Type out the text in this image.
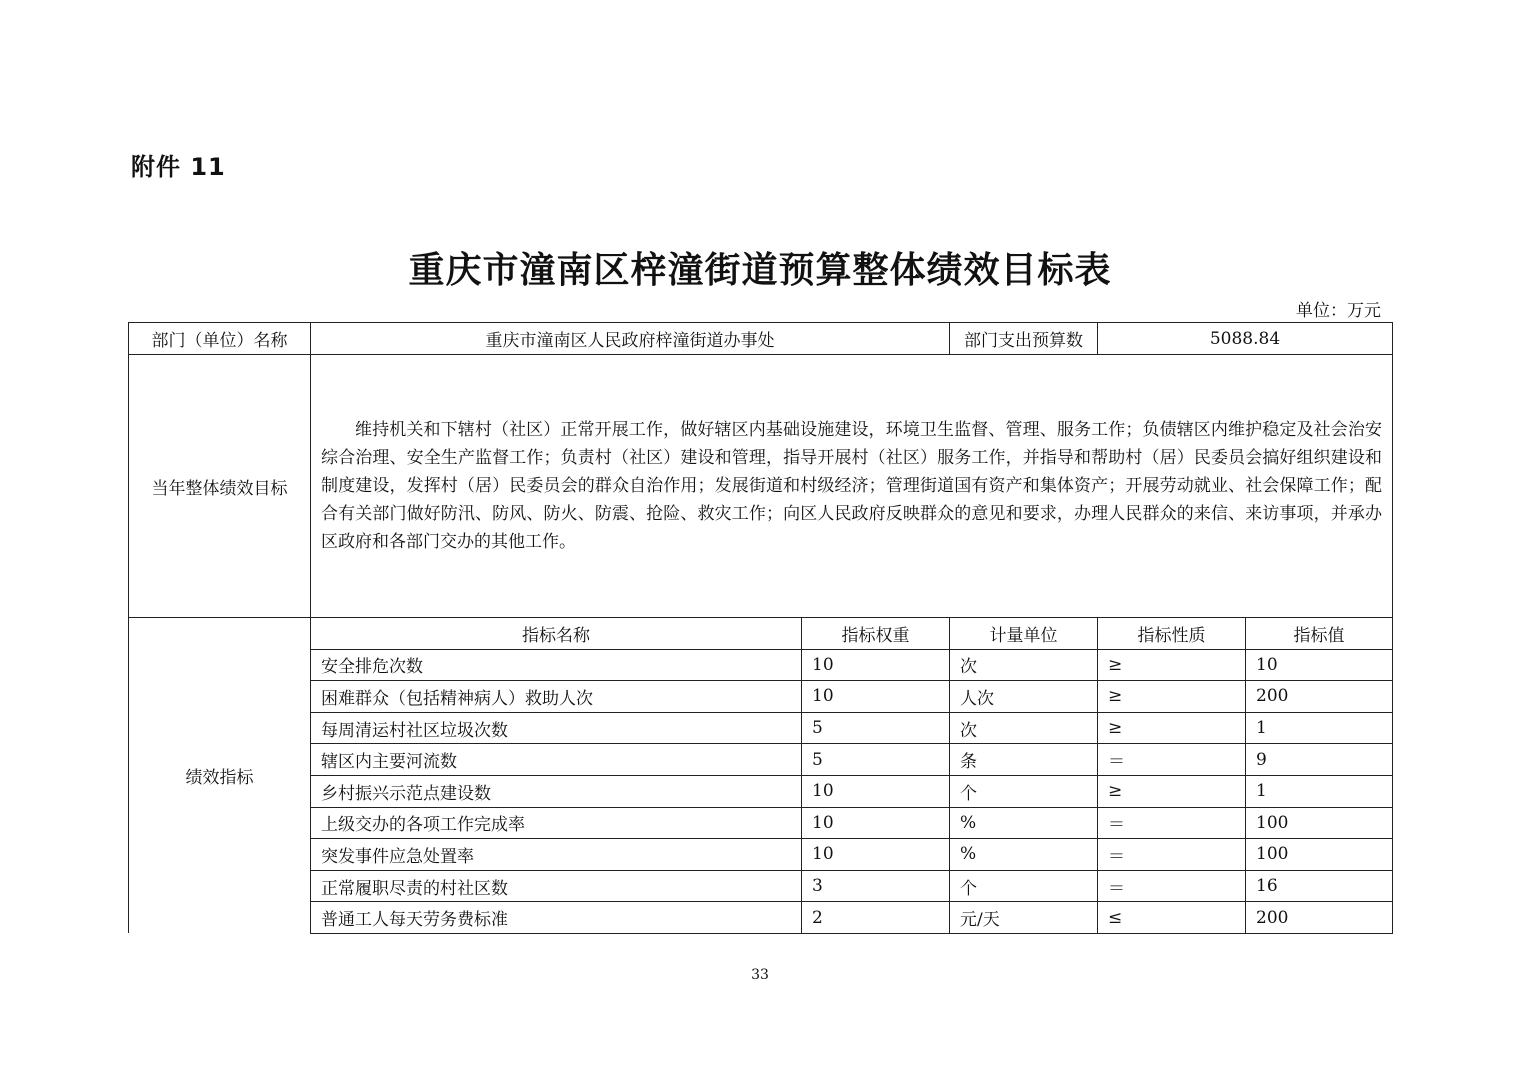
附件 11
重庆市潼南区梓潼街道预算整体绩效目标表
单位：万元
部门（单位）名称	重庆市潼南区人民政府梓潼街道办事处		部门支出预算数	5088.84	
当年整体绩效目标	维持机关和下辖村（社区）正常开展工作，做好辖区内基础设施建设，环境卫生监督、管理、服务工作；负债辖区内维护稳定及社会治安综合治理、安全生产监督工作；负责村（社区）建设和管理，指导开展村（社区）服务工作，并指导和帮助村（居）民委员会搞好组织建设和制度建设，发挥村（居）民委员会的群众自治作用；发展街道和村级经济；管理街道国有资产和集体资产；开展劳动就业、社会保障工作；配合有关部门做好防汛、防风、防火、防震、抢险、救灾工作；向区人民政府反映群众的意见和要求，办理人民群众的来信、来访事项，并承办区政府和各部门交办的其他工作。				
绩效指标	指标名称	指标权重	计量单位	指标性质	指标值
	安全排危次数	10	次	≥	10
	困难群众（包括精神病人）救助人次	10	人次	≥	200
	每周清运村社区垃圾次数	5	次	≥	1
	辖区内主要河流数	5	条	＝	9
	乡村振兴示范点建设数	10	个	≥	1
	上级交办的各项工作完成率	10	%	＝	100
	突发事件应急处置率	10	%	＝	100
	正常履职尽责的村社区数	3	个	＝	16
	普通工人每天劳务费标准	2	元/天	≤	200
33
